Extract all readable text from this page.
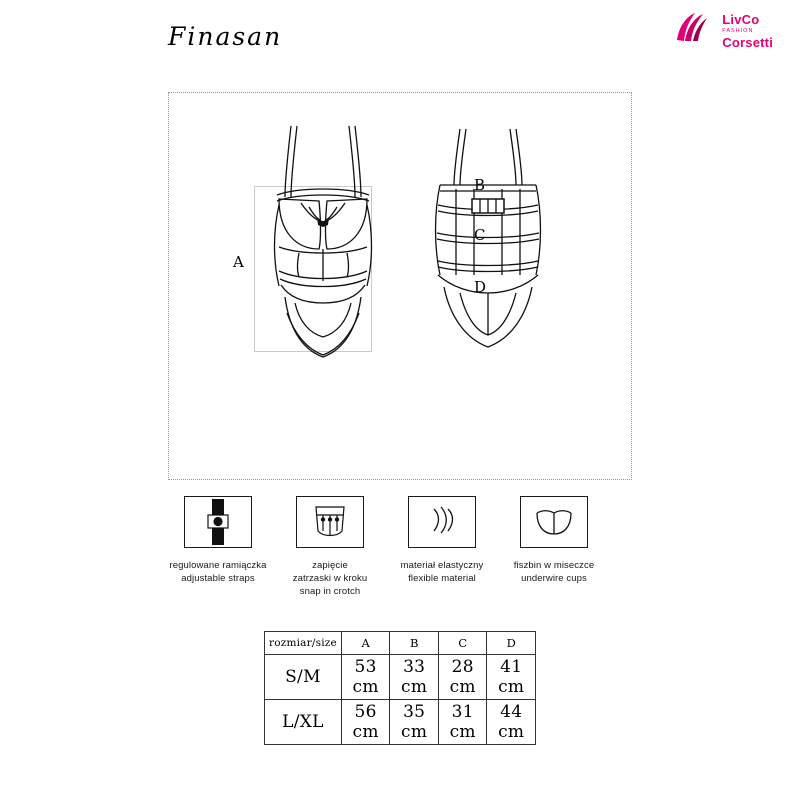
Finasan
LivCo
FASHION
Corsetti
A
B
C
D
regulowane ramiączka
adjustable straps
zapięcie
zatrzaski w kroku
snap in crotch
materiał elastyczny
flexible material
fiszbin w miseczce
underwire cups
rozmiar/size	A	B	C	D
S/M	53 cm	33 cm	28 cm	41 cm
L/XL	56 cm	35 cm	31 cm	44 cm
